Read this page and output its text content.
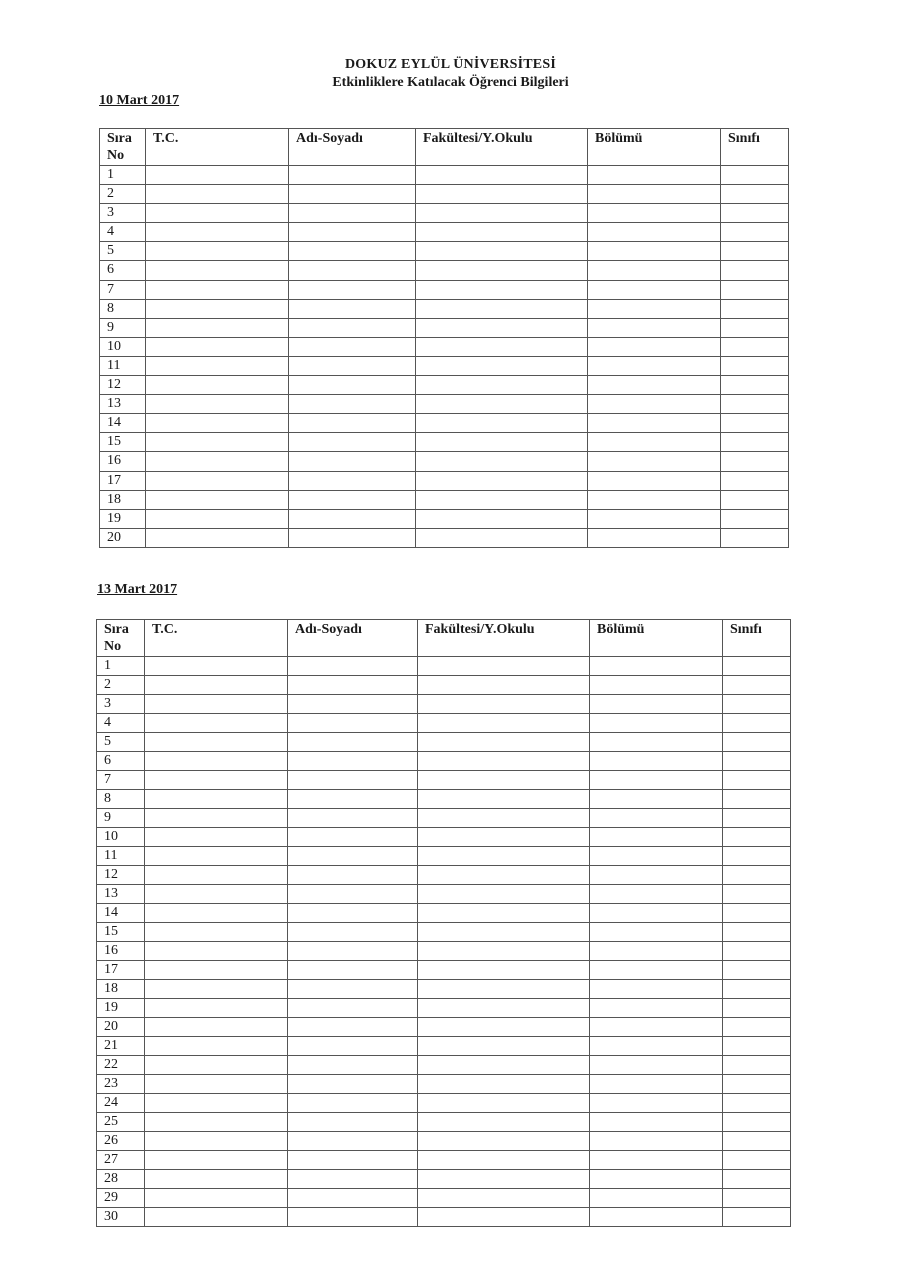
DOKUZ EYLÜL ÜNİVERSİTESİ
Etkinliklere Katılacak Öğrenci Bilgileri
10 Mart 2017
Sıra No	T.C.	Adı-Soyadı	Fakültesi/Y.Okulu	Bölümü	Sınıfı
1					
2					
3					
4					
5					
6					
7					
8					
9					
10					
11					
12					
13					
14					
15					
16					
17					
18					
19					
20					
13 Mart 2017
Sıra No	T.C.	Adı-Soyadı	Fakültesi/Y.Okulu	Bölümü	Sınıfı
1					
2					
3					
4					
5					
6					
7					
8					
9					
10					
11					
12					
13					
14					
15					
16					
17					
18					
19					
20					
21					
22					
23					
24					
25					
26					
27					
28					
29					
30					
